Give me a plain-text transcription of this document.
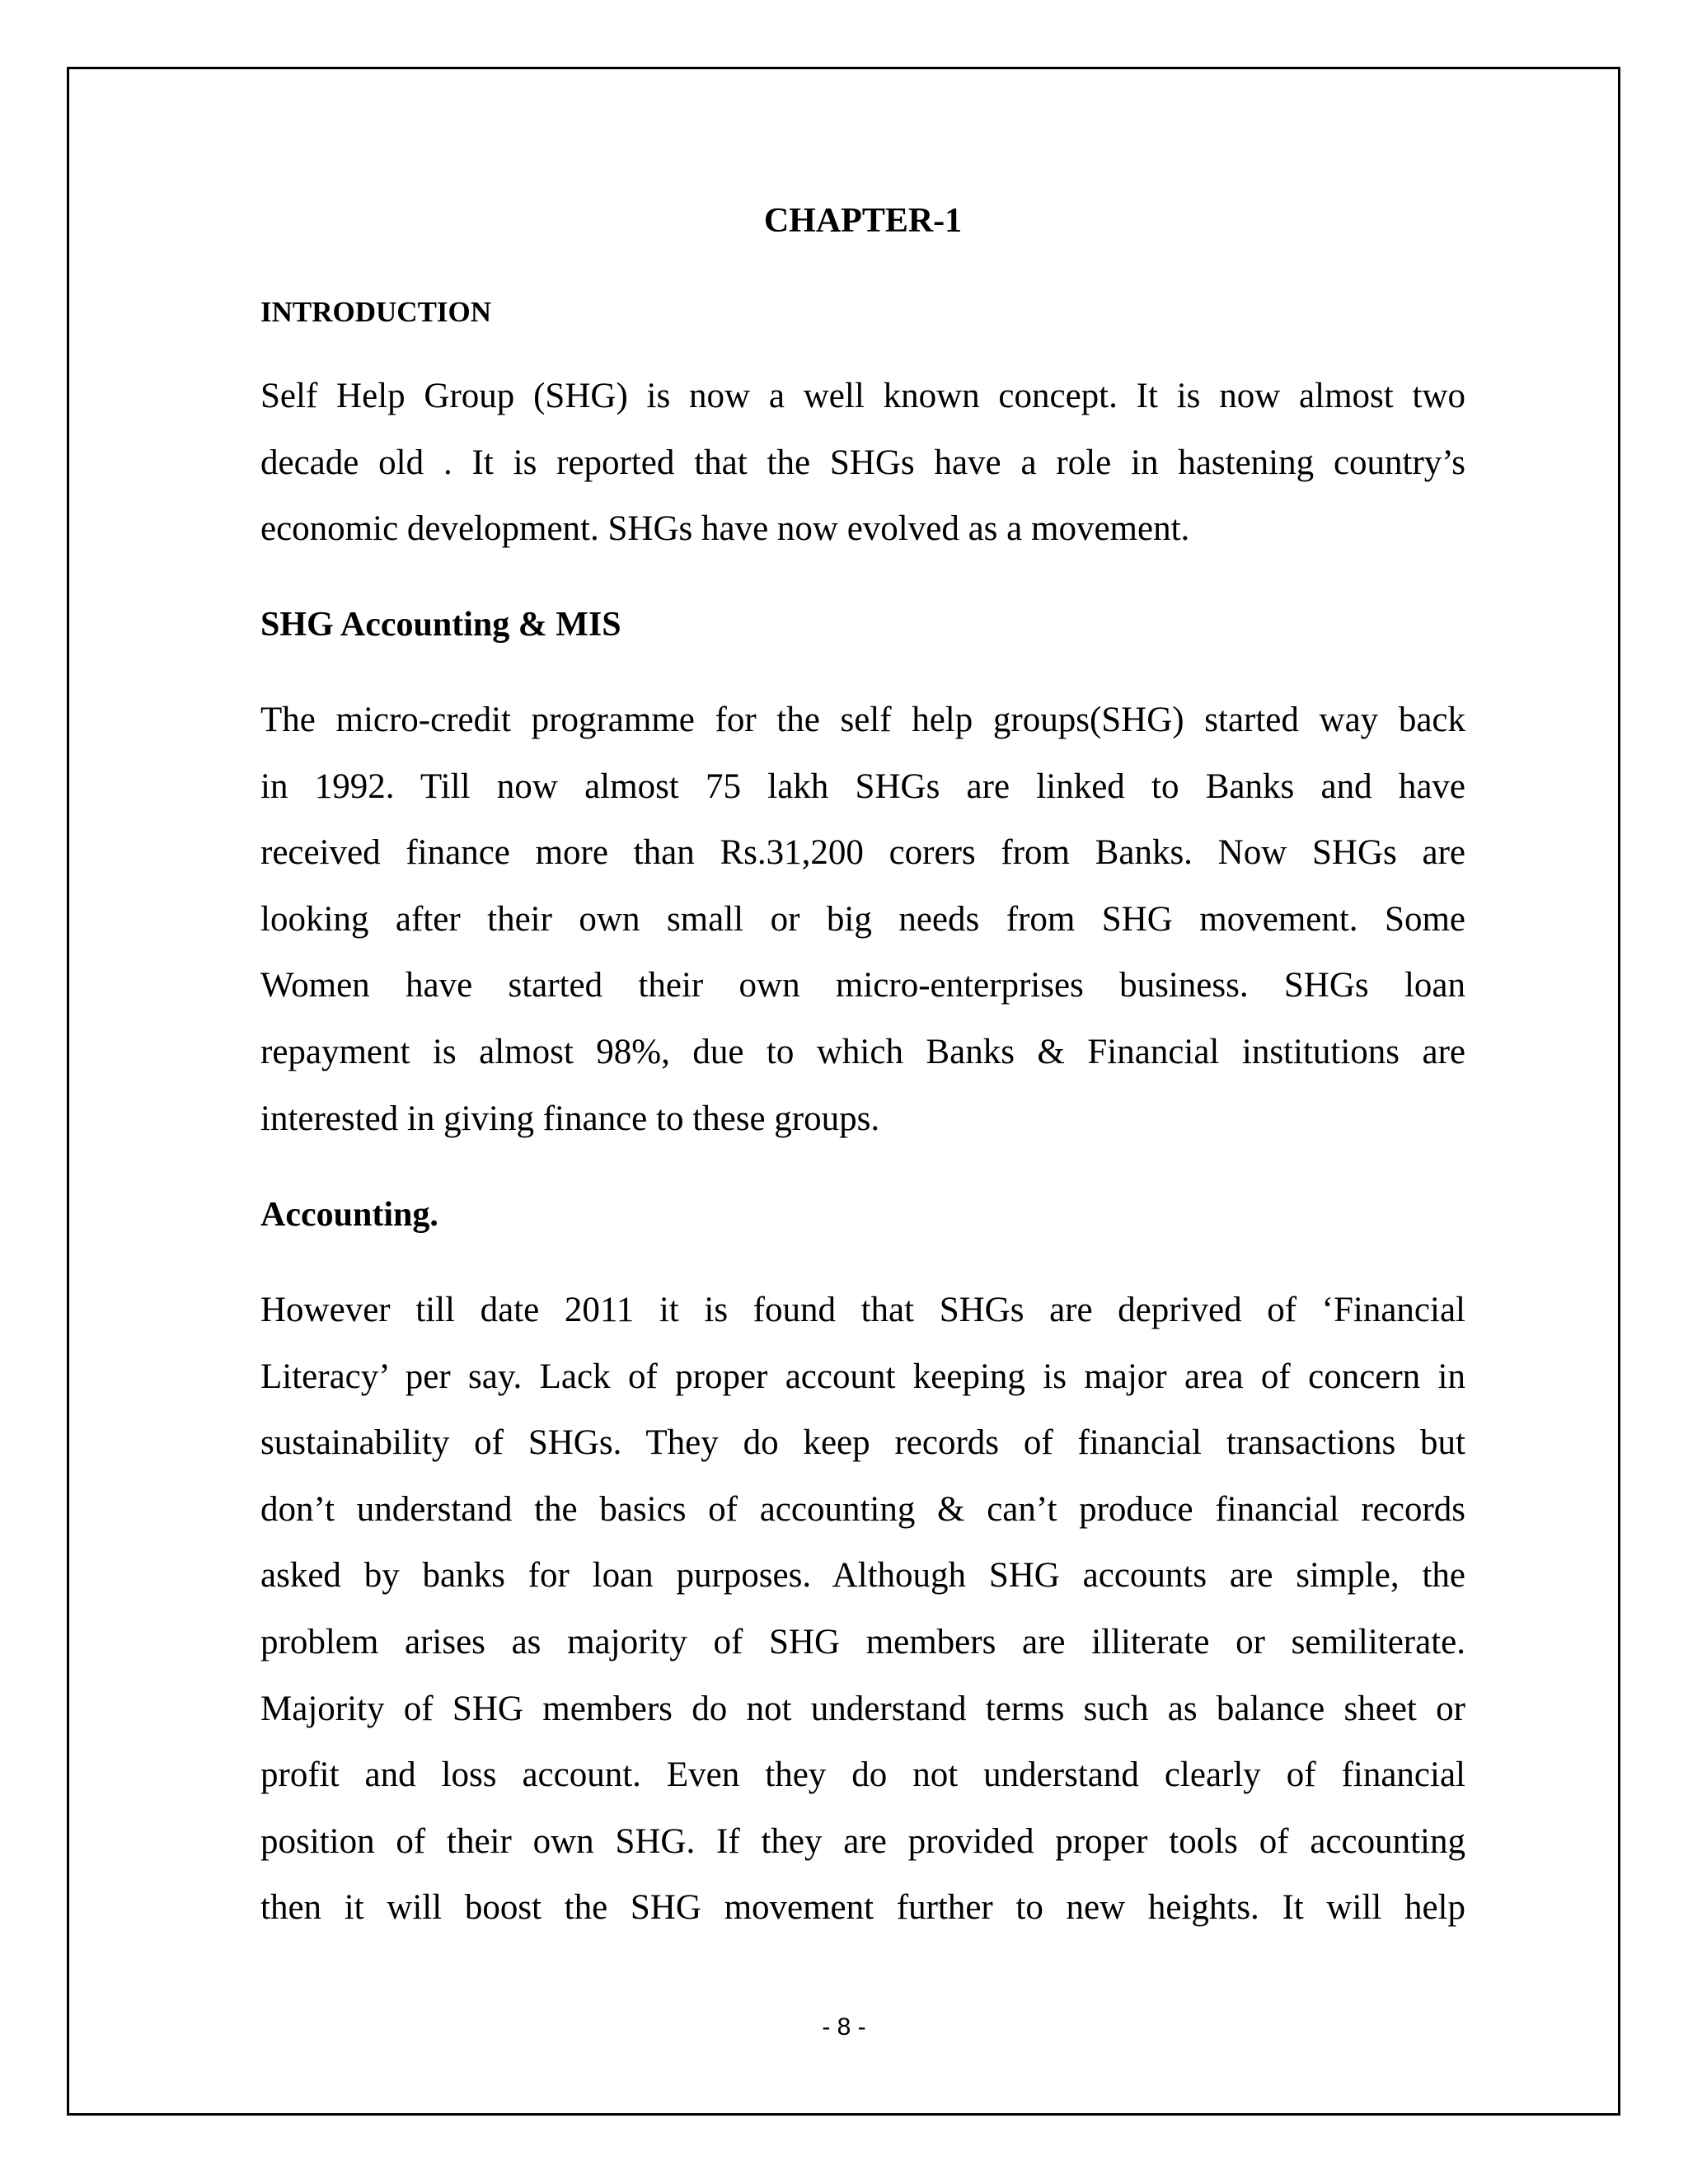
CHAPTER-1
INTRODUCTION

Self Help Group (SHG) is now a well known concept. It is now almost two
decade old . It is reported that the SHGs have a role in hastening country’s
economic development. SHGs have now evolved as a movement.

SHG Accounting & MIS

The micro-credit programme for the self help groups(SHG) started way back
in 1992. Till now almost 75 lakh SHGs are linked to Banks and have
received finance more than Rs.31,200 corers from Banks. Now SHGs are
looking after their own small or big needs from SHG movement. Some
Women have started their own micro-enterprises business. SHGs loan
repayment is almost 98%, due to which Banks & Financial institutions are
interested in giving finance to these groups.

Accounting.

However till date 2011 it is found that SHGs are deprived of ‘Financial
Literacy’ per say. Lack of proper account keeping is major area of concern in
sustainability of SHGs. They do keep records of financial transactions but
don’t understand the basics of accounting & can’t produce financial records
asked by banks for loan purposes. Although SHG accounts are simple, the
problem arises as majority of SHG members are illiterate or semiliterate.
Majority of SHG members do not understand terms such as balance sheet or
profit and loss account. Even they do not understand clearly of financial
position of their own SHG. If they are provided proper tools of accounting
then it will boost the SHG movement further to new heights. It will help

- 8 -
